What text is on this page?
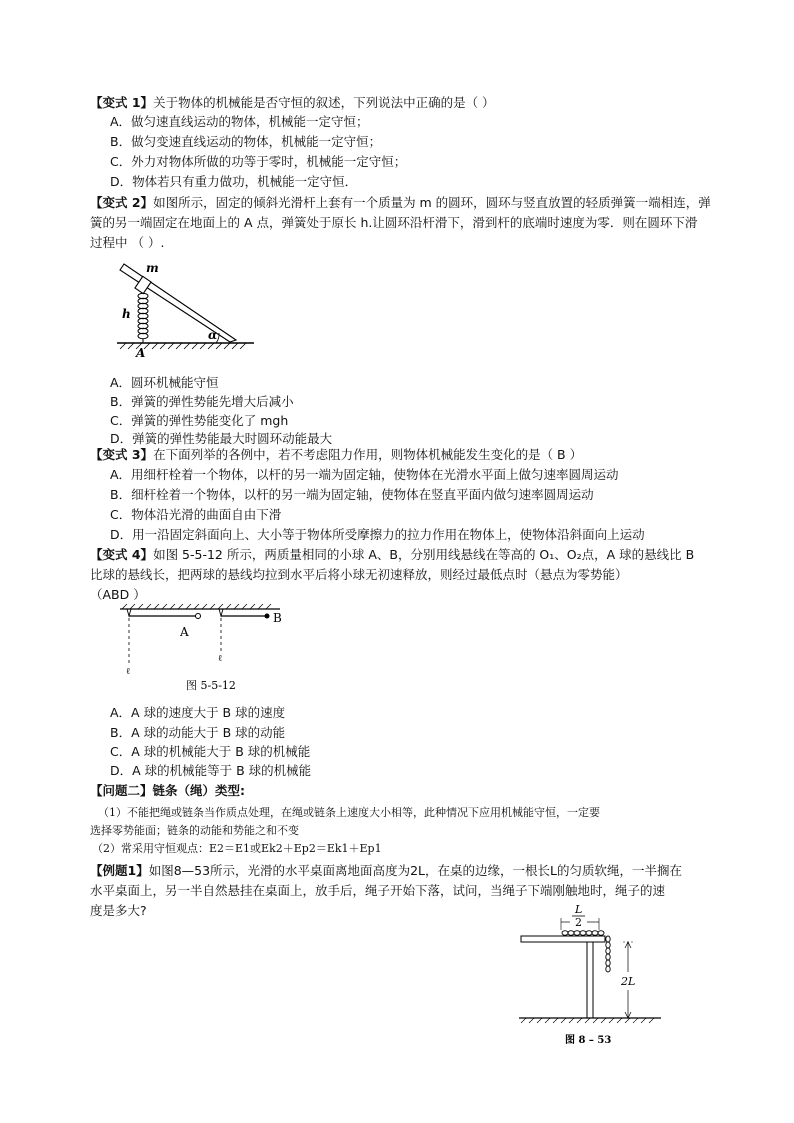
【变式 1】关于物体的机械能是否守恒的叙述，下列说法中正确的是（ ）
A．做匀速直线运动的物体，机械能一定守恒；
B．做匀变速直线运动的物体，机械能一定守恒；
C．外力对物体所做的功等于零时，机械能一定守恒；
D．物体若只有重力做功，机械能一定守恒．
【变式 2】如图所示，固定的倾斜光滑杆上套有一个质量为 m 的圆环，圆环与竖直放置的轻质弹簧一端相连，弹
簧的另一端固定在地面上的 A 点，弹簧处于原长 h.让圆环沿杆滑下，滑到杆的底端时速度为零．则在圆环下滑
过程中 （ ）.
m
h
A
α
A．圆环机械能守恒
B．弹簧的弹性势能先增大后减小
C．弹簧的弹性势能变化了 mgh
D．弹簧的弹性势能最大时圆环动能最大
【变式 3】在下面列举的各例中，若不考虑阻力作用，则物体机械能发生变化的是（ B ）
A．用细杆栓着一个物体，以杆的另一端为固定轴，使物体在光滑水平面上做匀速率圆周运动
B．细杆栓着一个物体，以杆的另一端为固定轴，使物体在竖直平面内做匀速率圆周运动
C．物体沿光滑的曲面自由下滑
D．用一沿固定斜面向上、大小等于物体所受摩擦力的拉力作用在物体上，使物体沿斜面向上运动
【变式 4】如图 5-5-12 所示，两质量相同的小球 A、B，分别用线悬线在等高的 O₁、O₂点，A 球的悬线比 B
比球的悬线长，把两球的悬线均拉到水平后将小球无初速释放，则经过最低点时（悬点为零势能）
（ABD ）
ℓ
ℓ
A
B
图 5-5-12
A．A 球的速度大于 B 球的速度
B．A 球的动能大于 B 球的动能
C．A 球的机械能大于 B 球的机械能
D．A 球的机械能等于 B 球的机械能
【问题二】链条（绳）类型:
（1）不能把绳或链条当作质点处理，在绳或链条上速度大小相等，此种情况下应用机械能守恒，一定要
选择零势能面；链条的动能和势能之和不变
（2）常采用守恒观点：E2＝E1或Ek2＋Ep2＝Ek1＋Ep1
【例题1】如图8—53所示，光滑的水平桌面离地面高度为2L，在桌的边缘，一根长L的匀质软绳，一半搁在
水平桌面上，另一半自然悬挂在桌面上，放手后，绳子开始下落，试问，当绳子下端刚触地时，绳子的速
度是多大?	L
2
2L
图 8 – 53
